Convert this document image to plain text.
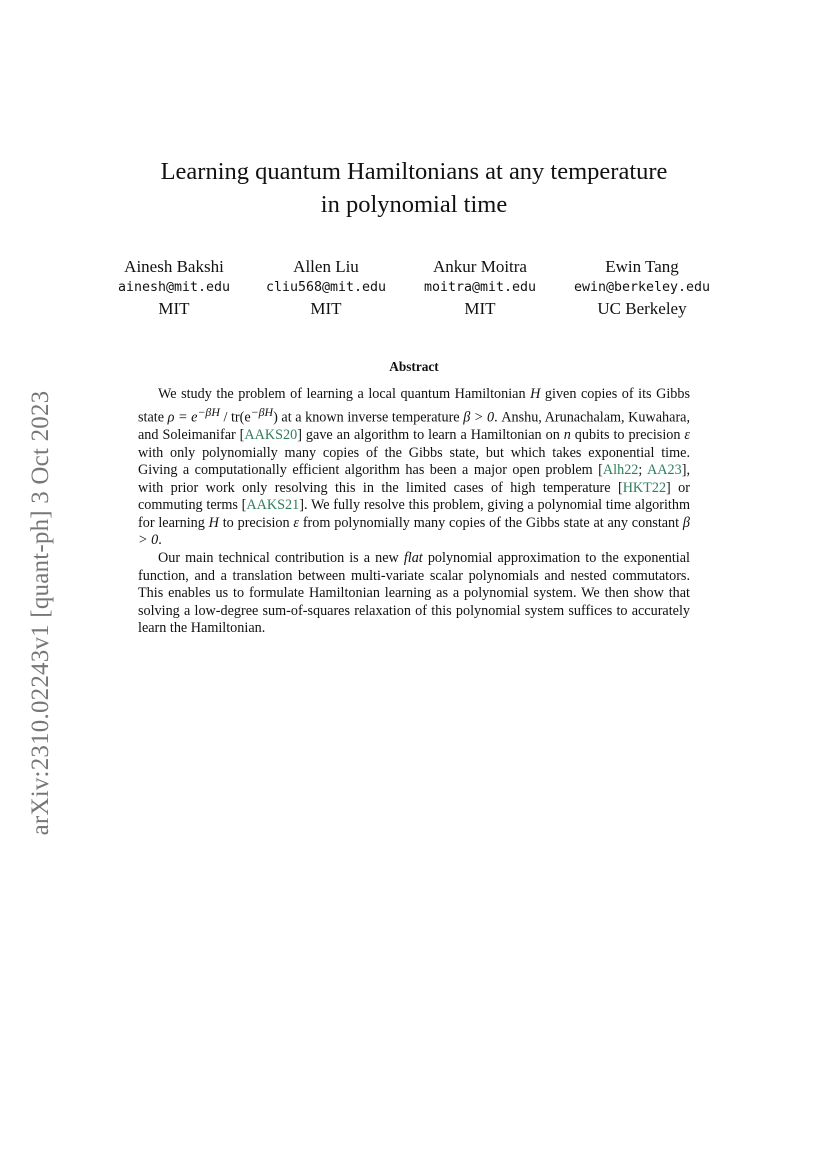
arXiv:2310.02243v1 [quant-ph] 3 Oct 2023
Learning quantum Hamiltonians at any temperature
in polynomial time
Ainesh Bakshi
ainesh@mit.edu
MIT
Allen Liu
cliu568@mit.edu
MIT
Ankur Moitra
moitra@mit.edu
MIT
Ewin Tang
ewin@berkeley.edu
UC Berkeley
Abstract

We study the problem of learning a local quantum Hamiltonian H given copies of its Gibbs state $\rho = e^{-\beta H} / tr(e^{-\beta H})$ at a known inverse temperature β > 0. Anshu, Arunachalam, Kuwahara, and Soleimanifar [AAKS20] gave an algorithm to learn a Hamiltonian on n qubits to precision ε with only polynomially many copies of the Gibbs state, but which takes exponential time. Giving a computationally efficient algorithm has been a major open problem [Alh22; AA23], with prior work only resolving this in the limited cases of high temperature [HKT22] or commuting terms [AAKS21]. We fully resolve this problem, giving a polynomial time algorithm for learning H to precision ε from polynomially many copies of the Gibbs state at any constant β > 0.

Our main technical contribution is a new flat polynomial approximation to the exponential function, and a translation between multi-variate scalar polynomials and nested commutators. This enables us to formulate Hamiltonian learning as a polynomial system. We then show that solving a low-degree sum-of-squares relaxation of this polynomial system suffices to accurately learn the Hamiltonian.
